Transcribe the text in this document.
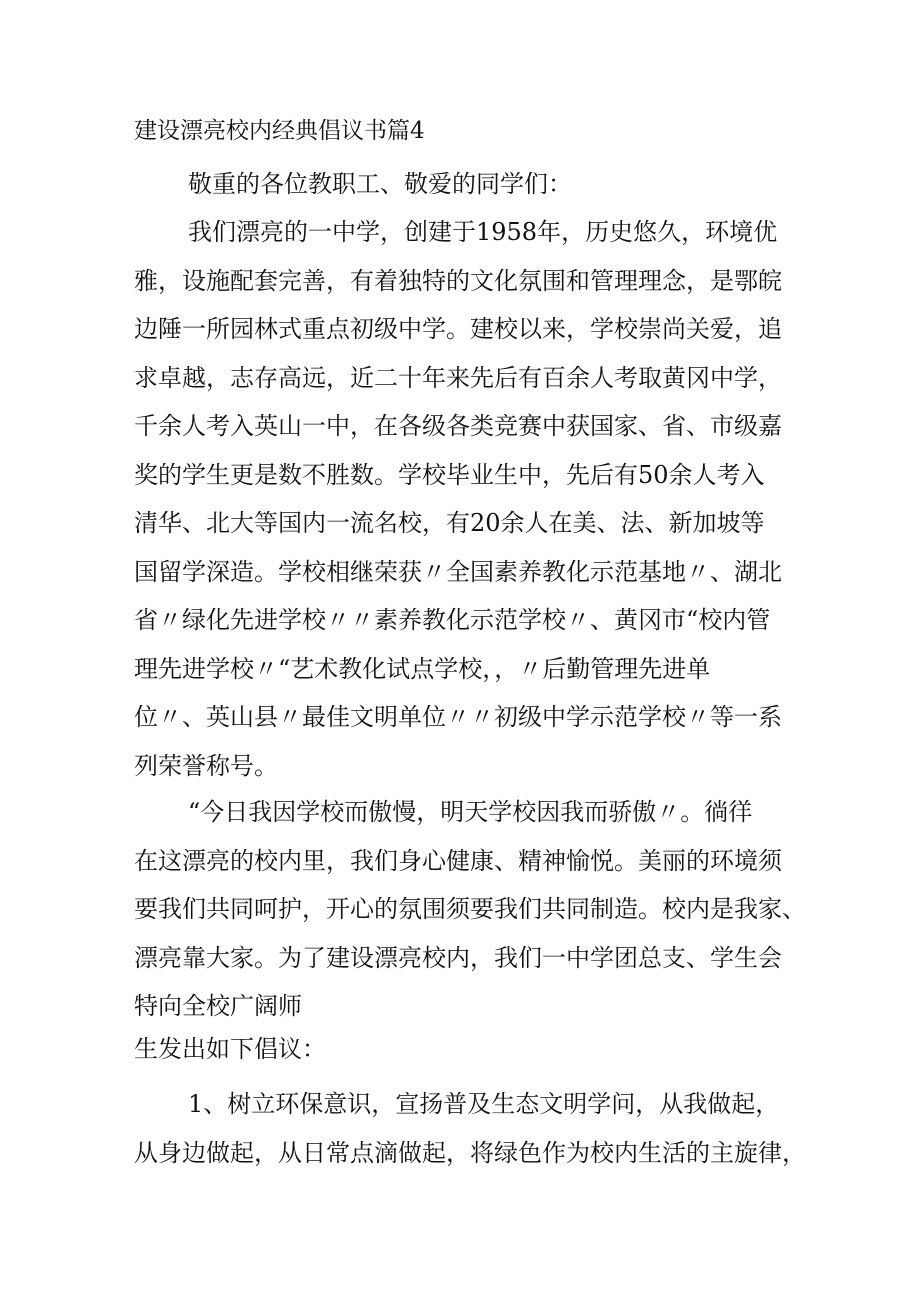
建设漂亮校内经典倡议书篇4

敬重的各位教职工、敬爱的同学们：

我们漂亮的一中学，创建于1958年，历史悠久，环境优
雅，设施配套完善，有着独特的文化氛围和管理理念，是鄂皖
边陲一所园林式重点初级中学。建校以来，学校崇尚关爱，追
求卓越，志存高远，近二十年来先后有百余人考取黄冈中学，
千余人考入英山一中，在各级各类竞赛中获国家、省、市级嘉
奖的学生更是数不胜数。学校毕业生中，先后有50余人考入
清华、北大等国内一流名校，有20余人在美、法、新加坡等
国留学深造。学校相继荣获〃全国素养教化示范基地〃、湖北
省〃绿化先进学校〃〃素养教化示范学校〃、黄冈市“校内管
理先进学校〃“艺术教化试点学校，，〃后勤管理先进单
位〃、英山县〃最佳文明单位〃〃初级中学示范学校〃等一系
列荣誉称号。
“今日我因学校而傲慢，明天学校因我而骄傲〃。徜徉
在这漂亮的校内里，我们身心健康、精神愉悦。美丽的环境须
要我们共同呵护，开心的氛围须要我们共同制造。校内是我家、
漂亮靠大家。为了建设漂亮校内，我们一中学团总支、学生会
特向全校广阔师
生发出如下倡议：
1、树立环保意识，宣扬普及生态文明学问，从我做起，
从身边做起，从日常点滴做起，将绿色作为校内生活的主旋律，
